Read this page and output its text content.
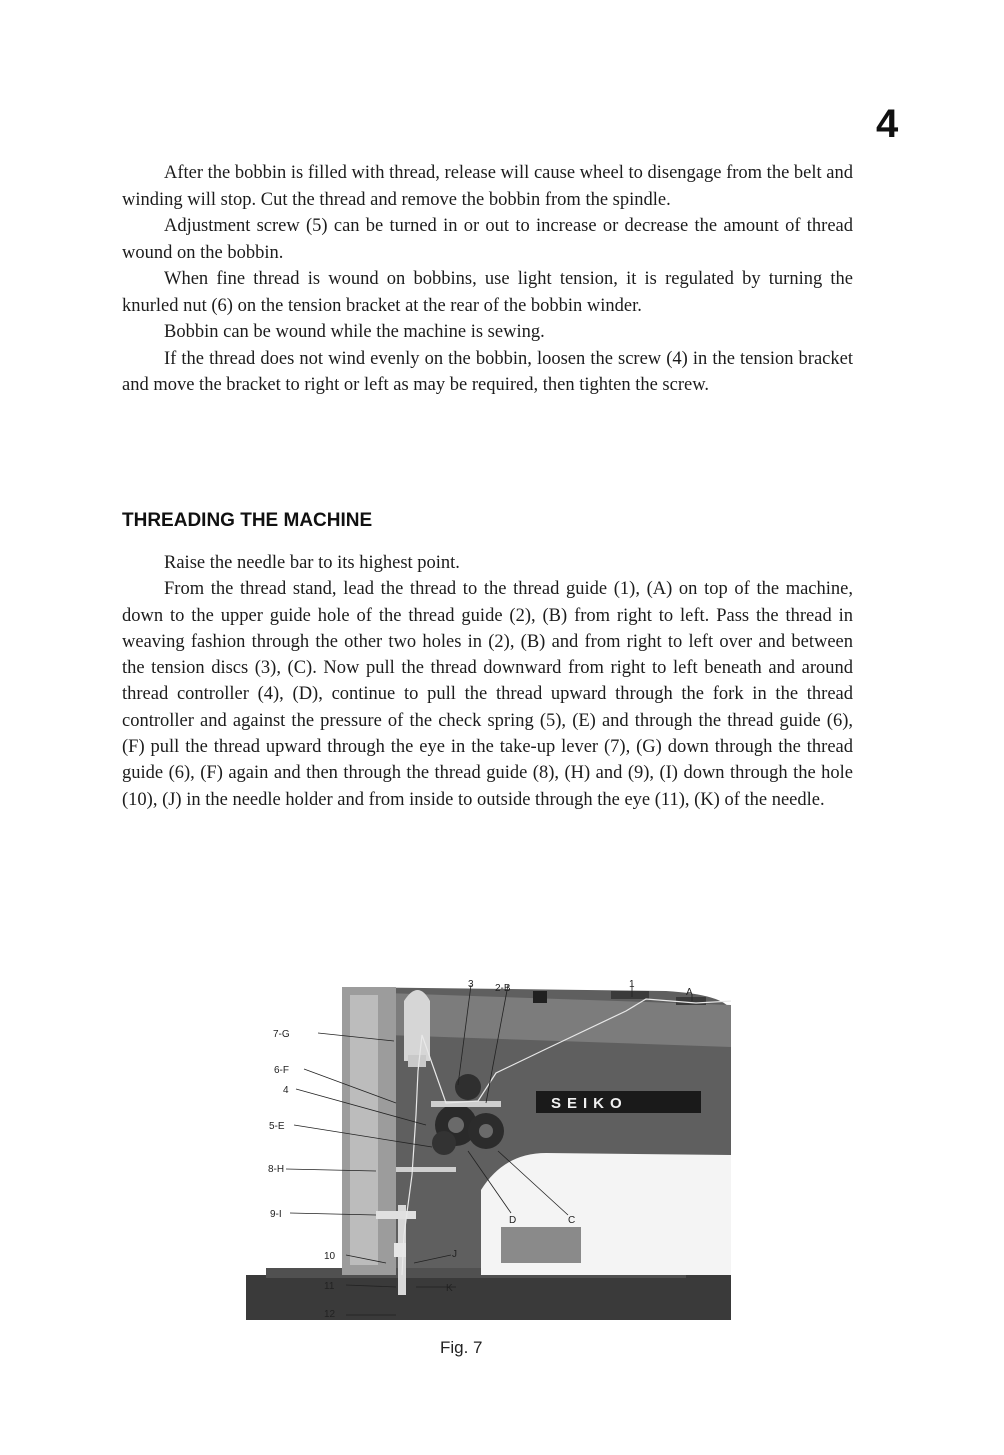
4

After the bobbin is filled with thread, release will cause wheel to disengage from the belt and winding will stop. Cut the thread and remove the bobbin from the spindle.

Adjustment screw (5) can be turned in or out to increase or decrease the amount of thread wound on the bobbin.

When fine thread is wound on bobbins, use light tension, it is regulated by turning the knurled nut (6) on the tension bracket at the rear of the bobbin winder.

Bobbin can be wound while the machine is sewing.

If the thread does not wind evenly on the bobbin, loosen the screw (4) in the tension bracket and move the bracket to right or left as may be required, then tighten the screw.

THREADING THE MACHINE

Raise the needle bar to its highest point.

From the thread stand, lead the thread to the thread guide (1), (A) on top of the machine, down to the upper guide hole of the thread guide (2), (B) from right to left. Pass the thread in weaving fashion through the other two holes in (2), (B) and from right to left over and between the tension discs (3), (C). Now pull the thread downward from right to left beneath and around thread controller (4), (D), continue to pull the thread upward through the fork in the thread controller and against the pressure of the check spring (5), (E) and through the thread guide (6), (F) pull the thread upward through the eye in the take-up lever (7), (G) down through the thread guide (6), (F) again and then through the thread guide (8), (H) and (9), (I) down through the hole (10), (J) in the needle holder and from inside to outside through the eye (11), (K) of the needle.

SEIKO
3 2-B	1
A
7-G
6-F
4
5-E
8-H
9-I
10
11
12
D	C
J
K
Fig. 7
